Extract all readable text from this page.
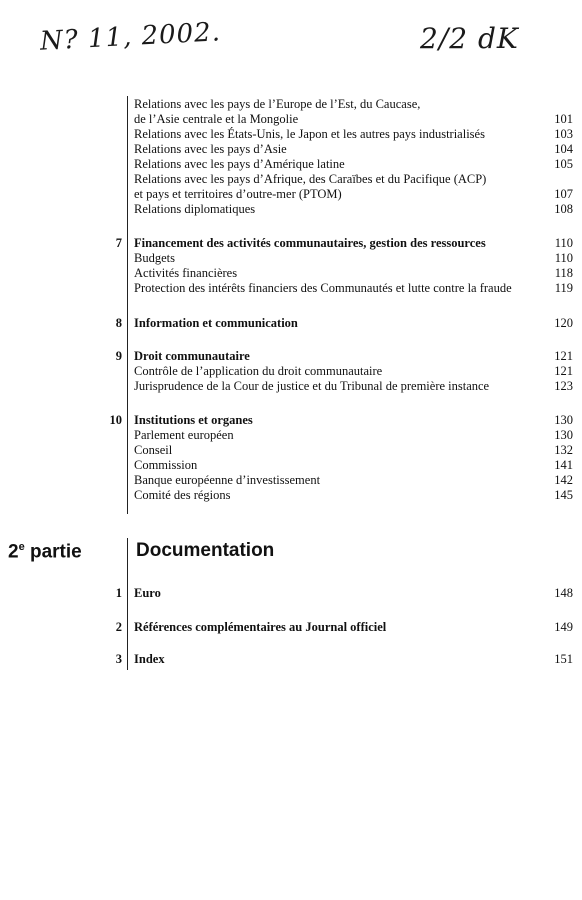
N? 11, 2002.	2/2 dK
Relations avec les pays de l’Europe de l’Est, du Caucase,
de l’Asie centrale et la Mongolie	101
Relations avec les États-Unis, le Japon et les autres pays industrialisés	103
Relations avec les pays d’Asie	104
Relations avec les pays d’Amérique latine	105
Relations avec les pays d’Afrique, des Caraïbes et du Pacifique (ACP)
et pays et territoires d’outre-mer (PTOM)	107
Relations diplomatiques	108
7 Financement des activités communautaires, gestion des ressources	110
Budgets	110
Activités financières	118
Protection des intérêts financiers des Communautés et lutte contre la fraude	119
8 Information et communication	120
9 Droit communautaire	121
Contrôle de l’application du droit communautaire	121
Jurisprudence de la Cour de justice et du Tribunal de première instance	123
10 Institutions et organes	130
Parlement européen	130
Conseil	132
Commission	141
Banque européenne d’investissement	142
Comité des régions	145
2e partie	Documentation
1 Euro	148
2 Références complémentaires au Journal officiel	149
3 Index	151
